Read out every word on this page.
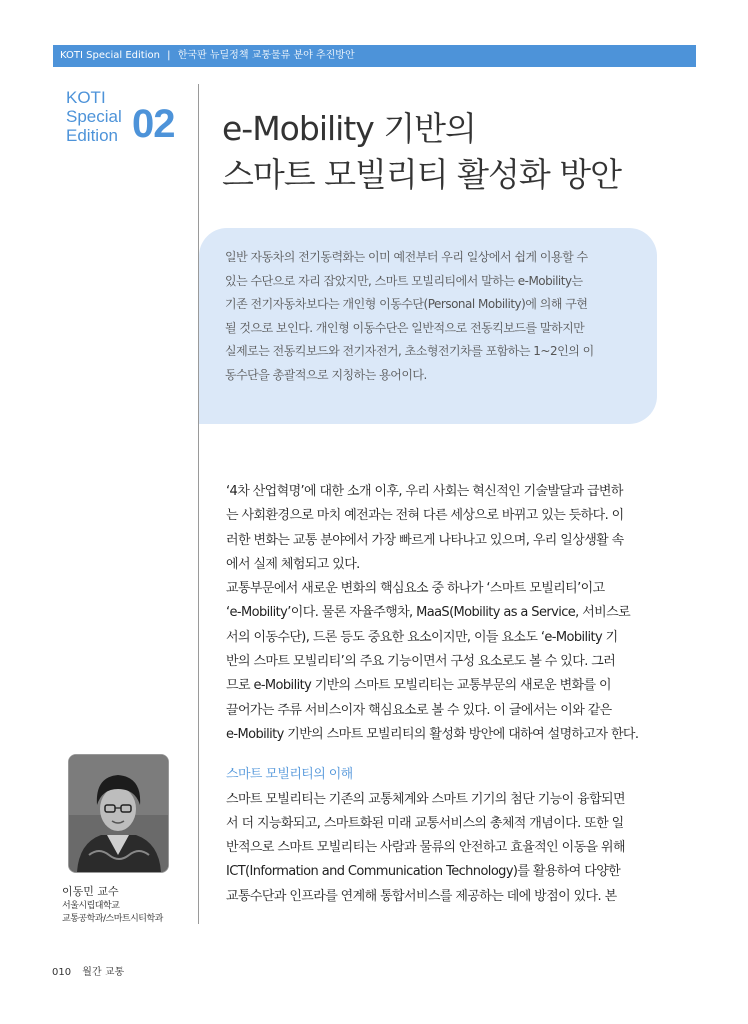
KOTI Special Edition | 한국판 뉴딜정책 교통물류 분야 추진방안
KOTI
Special
Edition 02 e-Mobility 기반의
스마트 모빌리티 활성화 방안
일반 자동차의 전기동력화는 이미 예전부터 우리 일상에서 쉽게 이용할 수
있는 수단으로 자리 잡았지만, 스마트 모빌리티에서 말하는 e-Mobility는
기존 전기자동차보다는 개인형 이동수단(Personal Mobility)에 의해 구현
될 것으로 보인다. 개인형 이동수단은 일반적으로 전동킥보드를 말하지만
실제로는 전동킥보드와 전기자전거, 초소형전기차를 포함하는 1~2인의 이
동수단을 총괄적으로 지칭하는 용어이다.
‘4차 산업혁명’에 대한 소개 이후, 우리 사회는 혁신적인 기술발달과 급변하
는 사회환경으로 마치 예전과는 전혀 다른 세상으로 바뀌고 있는 듯하다. 이
러한 변화는 교통 분야에서 가장 빠르게 나타나고 있으며, 우리 일상생활 속
에서 실제 체험되고 있다.
교통부문에서 새로운 변화의 핵심요소 중 하나가 ‘스마트 모빌리티’이고
‘e-Mobility’이다. 물론 자율주행차, MaaS(Mobility as a Service, 서비스로
서의 이동수단), 드론 등도 중요한 요소이지만, 이들 요소도 ‘e-Mobility 기
반의 스마트 모빌리티’의 주요 기능이면서 구성 요소로도 볼 수 있다. 그러
므로 e-Mobility 기반의 스마트 모빌리티는 교통부문의 새로운 변화를 이
끌어가는 주류 서비스이자 핵심요소로 볼 수 있다. 이 글에서는 이와 같은
e-Mobility 기반의 스마트 모빌리티의 활성화 방안에 대하여 설명하고자 한다.
스마트 모빌리티의 이해
스마트 모빌리티는 기존의 교통체계와 스마트 기기의 첨단 기능이 융합되면
서 더 지능화되고, 스마트화된 미래 교통서비스의 총체적 개념이다. 또한 일
반적으로 스마트 모빌리티는 사람과 물류의 안전하고 효율적인 이동을 위해
ICT(Information and Communication Technology)를 활용하여 다양한
교통수단과 인프라를 연계해 통합서비스를 제공하는 데에 방점이 있다. 본
이동민 교수
서울시립대학교
교통공학과/스마트시티학과
010 월간 교통
